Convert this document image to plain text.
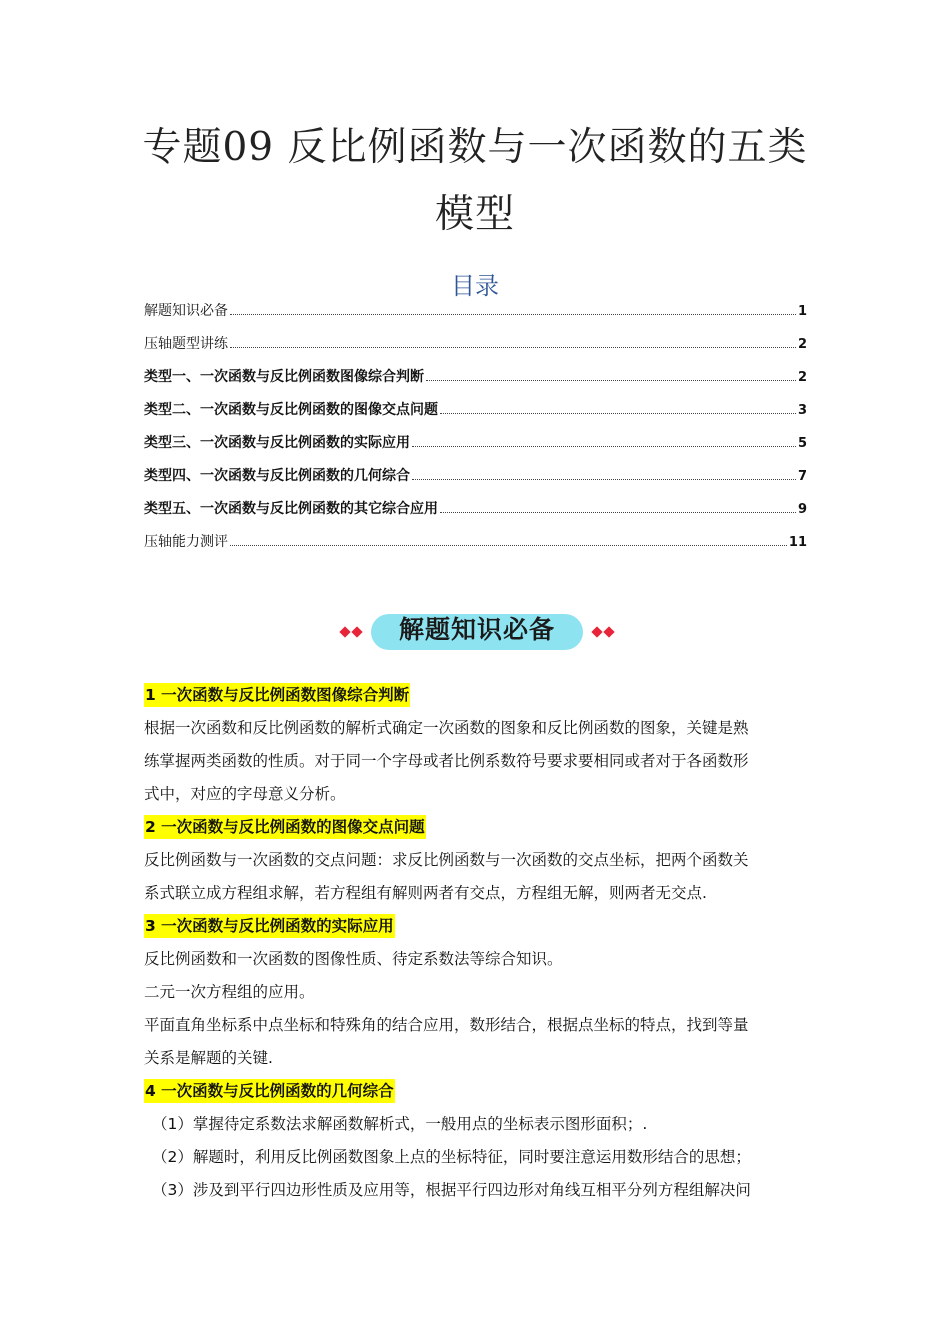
专题09 反比例函数与一次函数的五类
模型
目录
解题知识必备	1
压轴题型讲练	2
类型一、一次函数与反比例函数图像综合判断	2
类型二、一次函数与反比例函数的图像交点问题	3
类型三、一次函数与反比例函数的实际应用	5
类型四、一次函数与反比例函数的几何综合	7
类型五、一次函数与反比例函数的其它综合应用	9
压轴能力测评	11
解题知识必备
1 一次函数与反比例函数图像综合判断
根据一次函数和反比例函数的解析式确定一次函数的图象和反比例函数的图象，关键是熟
练掌握两类函数的性质。对于同一个字母或者比例系数符号要求要相同或者对于各函数形
式中，对应的字母意义分析。
2 一次函数与反比例函数的图像交点问题
反比例函数与一次函数的交点问题：求反比例函数与一次函数的交点坐标，把两个函数关
系式联立成方程组求解，若方程组有解则两者有交点，方程组无解，则两者无交点.
3 一次函数与反比例函数的实际应用
反比例函数和一次函数的图像性质、待定系数法等综合知识。
二元一次方程组的应用。
平面直角坐标系中点坐标和特殊角的结合应用，数形结合，根据点坐标的特点，找到等量
关系是解题的关键.
4 一次函数与反比例函数的几何综合
（1）掌握待定系数法求解函数解析式，一般用点的坐标表示图形面积；.
（2）解题时，利用反比例函数图象上点的坐标特征，同时要注意运用数形结合的思想；
（3）涉及到平行四边形性质及应用等，根据平行四边形对角线互相平分列方程组解决问
